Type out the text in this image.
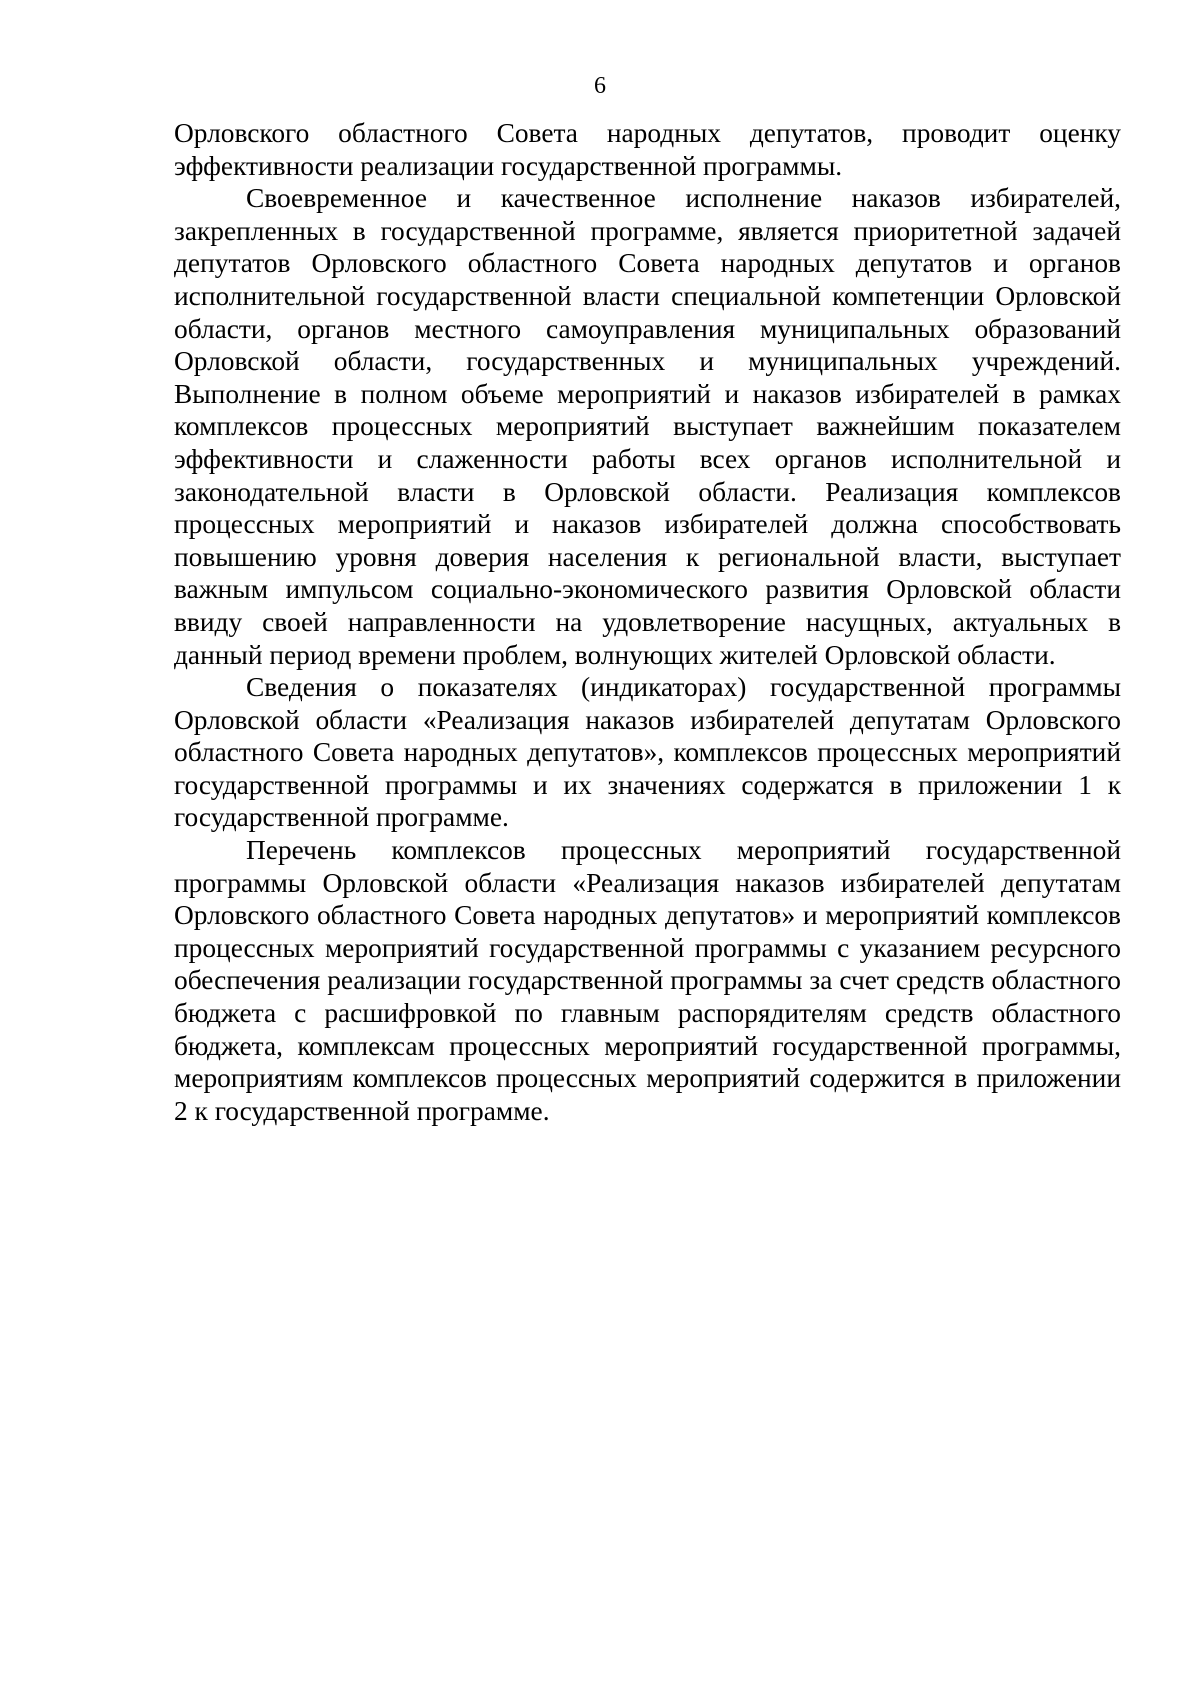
6

Орловского областного Совета народных депутатов, проводит оценку эффективности реализации государственной программы.

Своевременное и качественное исполнение наказов избирателей, закрепленных в государственной программе, является приоритетной задачей депутатов Орловского областного Совета народных депутатов и органов исполнительной государственной власти специальной компетенции Орловской области, органов местного самоуправления муниципальных образований Орловской области, государственных и муниципальных учреждений. Выполнение в полном объеме мероприятий и наказов избирателей в рамках комплексов процессных мероприятий выступает важнейшим показателем эффективности и слаженности работы всех органов исполнительной и законодательной власти в Орловской области. Реализация комплексов процессных мероприятий и наказов избирателей должна способствовать повышению уровня доверия населения к региональной власти, выступает важным импульсом социально-экономического развития Орловской области ввиду своей направленности на удовлетворение насущных, актуальных в данный период времени проблем, волнующих жителей Орловской области.

Сведения о показателях (индикаторах) государственной программы Орловской области «Реализация наказов избирателей депутатам Орловского областного Совета народных депутатов», комплексов процессных мероприятий государственной программы и их значениях содержатся в приложении 1 к государственной программе.

Перечень комплексов процессных мероприятий государственной программы Орловской области «Реализация наказов избирателей депутатам Орловского областного Совета народных депутатов» и мероприятий комплексов процессных мероприятий государственной программы с указанием ресурсного обеспечения реализации государственной программы за счет средств областного бюджета с расшифровкой по главным распорядителям средств областного бюджета, комплексам процессных мероприятий государственной программы, мероприятиям комплексов процессных мероприятий содержится в приложении 2 к государственной программе.
